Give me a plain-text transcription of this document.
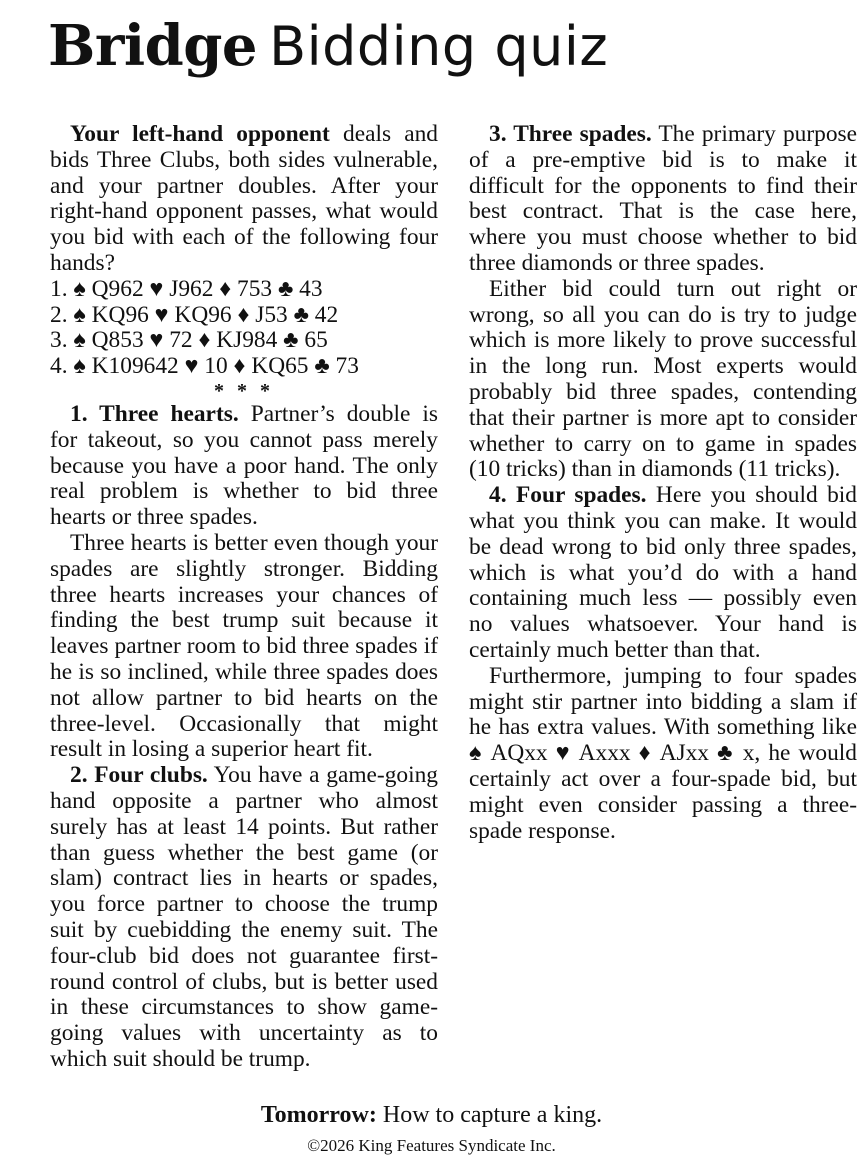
Bridge Bidding quiz

Your left-hand opponent deals and bids Three Clubs, both sides vulnerable, and your partner doubles. After your right-hand opponent passes, what would you bid with each of the following four hands?

1. ♠ Q962 ♥ J962 ♦ 753 ♣ 43

2. ♠ KQ96 ♥ KQ96 ♦ J53 ♣ 42

3. ♠ Q853 ♥ 72 ♦ KJ984 ♣ 65

4. ♠ K109642 ♥ 10 ♦ KQ65 ♣ 73

* * *

1. Three hearts. Partner’s double is for takeout, so you cannot pass merely because you have a poor hand. The only real problem is whether to bid three hearts or three spades.

Three hearts is better even though your spades are slightly stronger. Bidding three hearts increases your chances of finding the best trump suit because it leaves partner room to bid three spades if he is so inclined, while three spades does not allow partner to bid hearts on the three-level. Occasionally that might result in losing a superior heart fit.

2. Four clubs. You have a game-going hand opposite a partner who almost surely has at least 14 points. But rather than guess whether the best game (or slam) contract lies in hearts or spades, you force partner to choose the trump suit by cuebidding the enemy suit. The four-club bid does not guarantee first-round control of clubs, but is better used in these circumstances to show game-going values with uncertainty as to which suit should be trump.

3. Three spades. The primary purpose of a pre-emptive bid is to make it difficult for the opponents to find their best contract. That is the case here, where you must choose whether to bid three diamonds or three spades.

Either bid could turn out right or wrong, so all you can do is try to judge which is more likely to prove successful in the long run. Most experts would probably bid three spades, contending that their partner is more apt to consider whether to carry on to game in spades (10 tricks) than in diamonds (11 tricks).

4. Four spades. Here you should bid what you think you can make. It would be dead wrong to bid only three spades, which is what you’d do with a hand containing much less — possibly even no values whatsoever. Your hand is certainly much better than that.

Furthermore, jumping to four spades might stir partner into bidding a slam if he has extra values. With something like ♠ AQxx ♥ Axxx ♦ AJxx ♣ x, he would certainly act over a four-spade bid, but might even consider passing a three-spade response.

Tomorrow: How to capture a king.
©2026 King Features Syndicate Inc.
